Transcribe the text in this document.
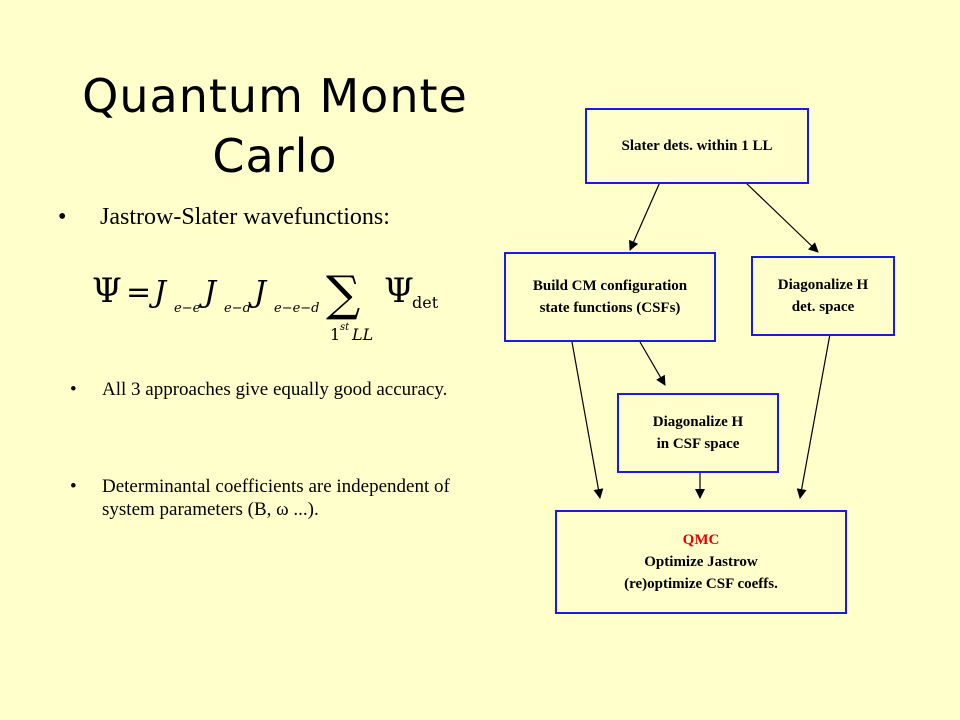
Quantum Monte
Carlo
• Jastrow-Slater wavefunctions:
Ψ = J e−e J e−d J e−e−d ∑
1 st LL
Ψ
det
• All 3 approaches give equally good accuracy.
• Determinantal coefficients are independent of system parameters (B, ω ...).
Slater dets. within 1 LL
Build CM configuration
state functions (CSFs)
Diagonalize H
det. space
Diagonalize H
in CSF space
QMC
Optimize Jastrow
(re)optimize CSF coeffs.
